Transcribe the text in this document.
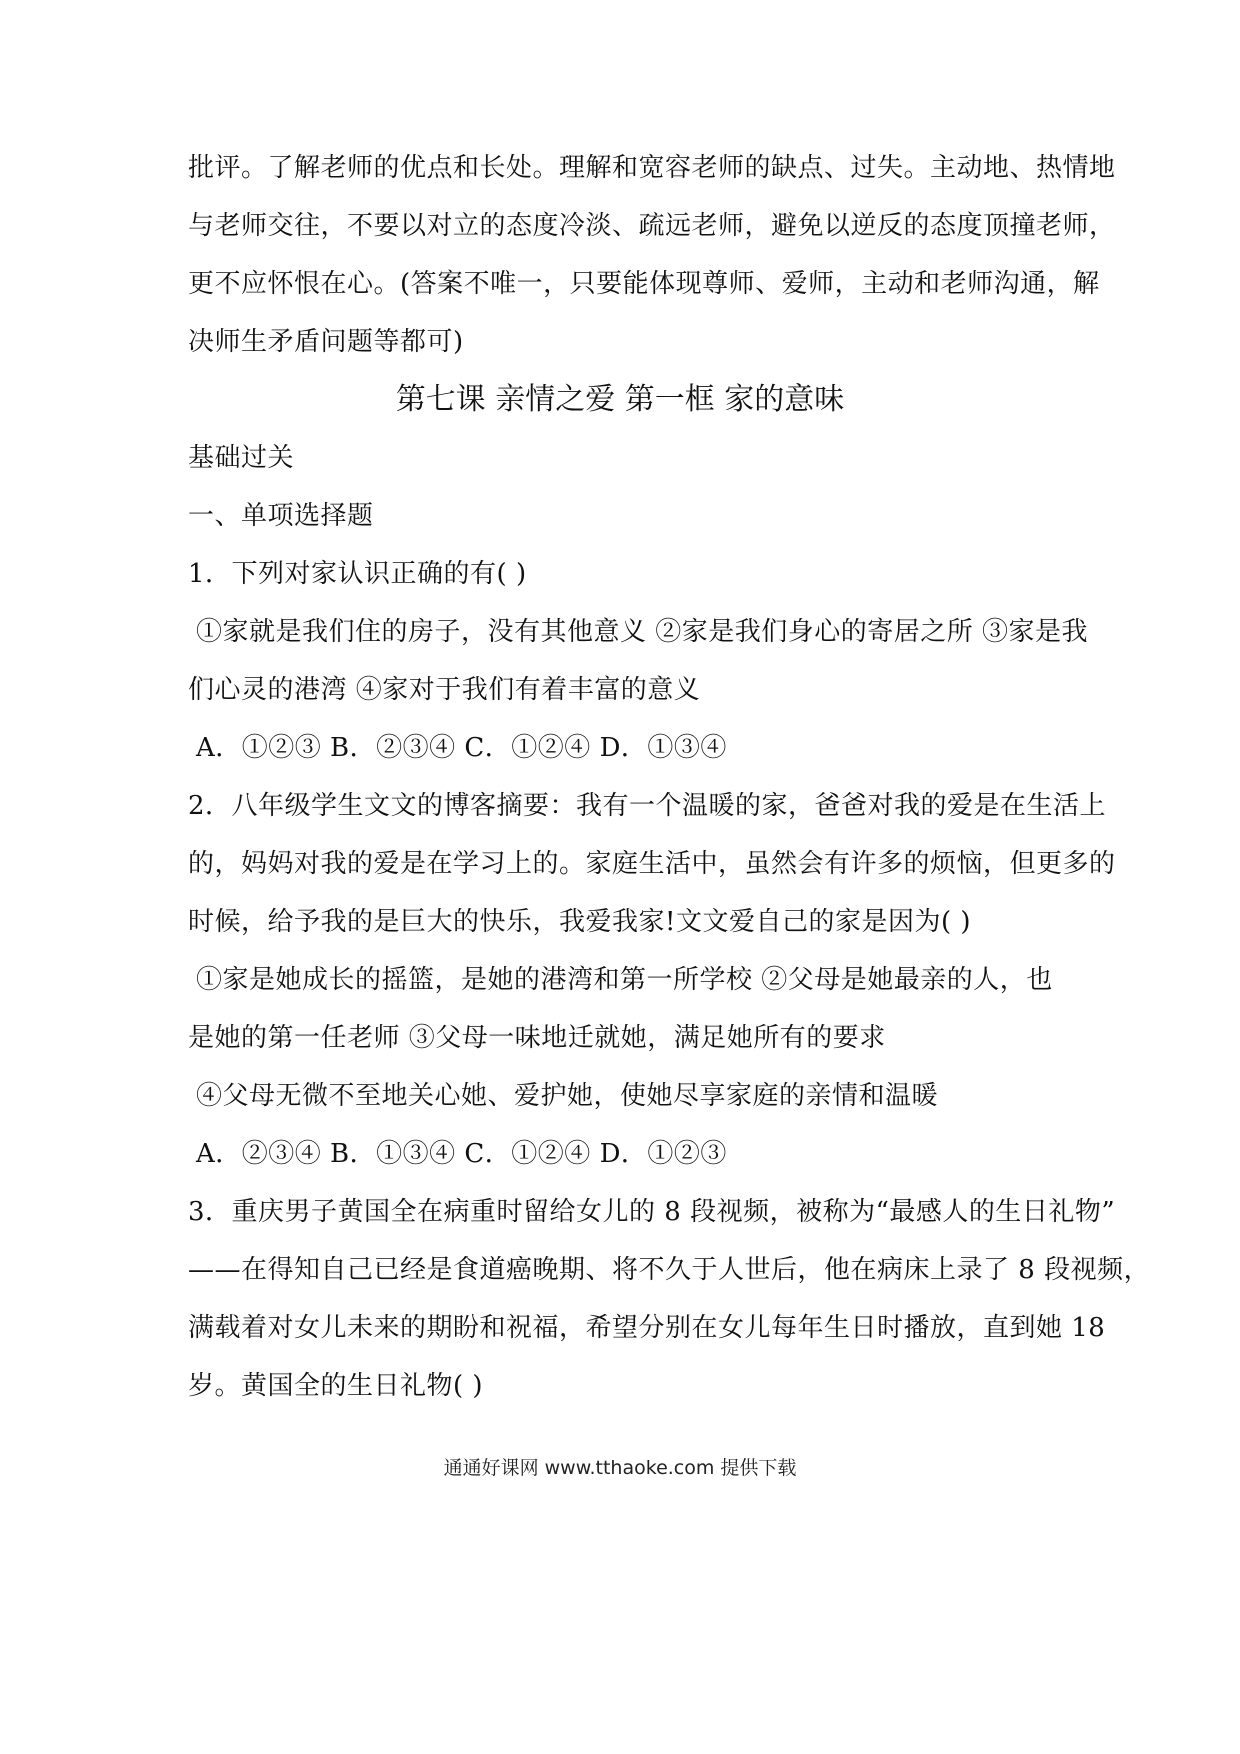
批评。了解老师的优点和长处。理解和宽容老师的缺点、过失。主动地、热情地
与老师交往，不要以对立的态度冷淡、疏远老师，避免以逆反的态度顶撞老师，
更不应怀恨在心。(答案不唯一，只要能体现尊师、爱师，主动和老师沟通，解
决师生矛盾问题等都可)
第七课 亲情之爱 第一框 家的意味
基础过关
一、单项选择题
1．下列对家认识正确的有( )
①家就是我们住的房子，没有其他意义 ②家是我们身心的寄居之所 ③家是我
们心灵的港湾 ④家对于我们有着丰富的意义
A．①②③ B．②③④ C．①②④ D．①③④
2．八年级学生文文的博客摘要：我有一个温暖的家，爸爸对我的爱是在生活上
的，妈妈对我的爱是在学习上的。家庭生活中，虽然会有许多的烦恼，但更多的
时候，给予我的是巨大的快乐，我爱我家!文文爱自己的家是因为( )
①家是她成长的摇篮，是她的港湾和第一所学校 ②父母是她最亲的人，也
是她的第一任老师 ③父母一味地迁就她，满足她所有的要求
④父母无微不至地关心她、爱护她，使她尽享家庭的亲情和温暖
A．②③④ B．①③④ C．①②④ D．①②③
3．重庆男子黄国全在病重时留给女儿的 8 段视频，被称为“最感人的生日礼物”
——在得知自己已经是食道癌晚期、将不久于人世后，他在病床上录了 8 段视频，
满载着对女儿未来的期盼和祝福，希望分别在女儿每年生日时播放，直到她 18
岁。黄国全的生日礼物( )
通通好课网 www.tthaoke.com 提供下载
